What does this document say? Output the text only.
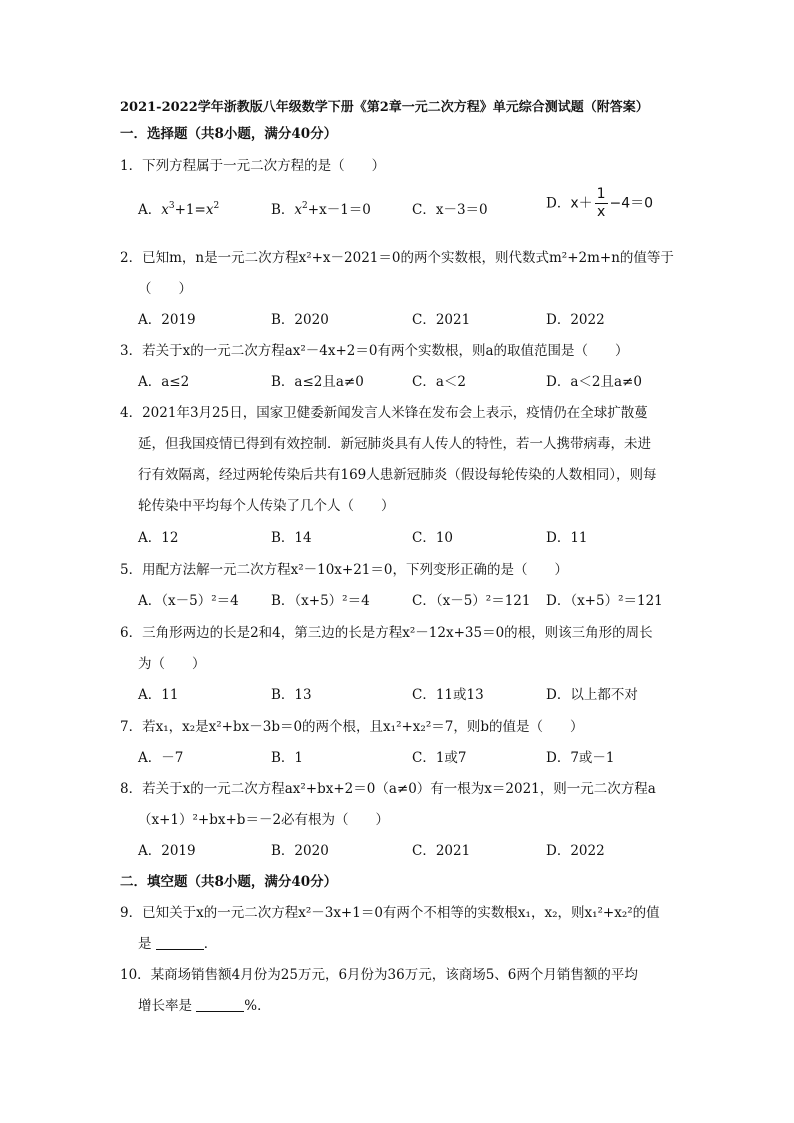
2021-2022学年浙教版八年级数学下册《第2章一元二次方程》单元综合测试题（附答案）
一．选择题（共8小题，满分40分）
1．下列方程属于一元二次方程的是（　　）
A．$x^3+1=x^2$	B．$x^2+x-1=0$	C．x－3＝0	D．$x+ \frac{1}{x} -4=0$
2．已知m，n是一元二次方程x²+x－2021＝0的两个实数根，则代数式m²+2m+n的值等于
（　　）
A．2019	B．2020	C．2021	D．2022
3．若关于x的一元二次方程ax²－4x+2＝0有两个实数根，则a的取值范围是（　　）
A．a≤2	B．a≤2且a≠0	C．a＜2	D．a＜2且a≠0
4．2021年3月25日，国家卫健委新闻发言人米锋在发布会上表示，疫情仍在全球扩散蔓
延，但我国疫情已得到有效控制．新冠肺炎具有人传人的特性，若一人携带病毒，未进
行有效隔离，经过两轮传染后共有169人患新冠肺炎（假设每轮传染的人数相同），则每
轮传染中平均每个人传染了几个人（　　）
A．12	B．14	C．10	D．11
5．用配方法解一元二次方程x²－10x+21＝0，下列变形正确的是（　　）
A．（x－5）²＝4 B．（x+5）²＝4	C．（x－5）²＝121 D．（x+5）²＝121
6．三角形两边的长是2和4，第三边的长是方程x²－12x+35＝0的根，则该三角形的周长
为（　　）
A．11	B．13	C．11或13	D．以上都不对
7．若x₁，x₂是x²+bx－3b＝0的两个根，且x₁²+x₂²＝7，则b的值是（　　）
A．－7	B．1	C．1或7	D．7或－1
8．若关于x的一元二次方程ax²+bx+2＝0（a≠0）有一根为x＝2021，则一元二次方程a
（x+1）²+bx+b＝－2必有根为（　　）
A．2019	B．2020	C．2021	D．2022
二．填空题（共8小题，满分40分）
9．已知关于x的一元二次方程x²－3x+1＝0有两个不相等的实数根x₁，x₂，则x₁²+x₂²的值
是	．
10．某商场销售额4月份为25万元，6月份为36万元，该商场5、6两个月销售额的平均
增长率是	%．
